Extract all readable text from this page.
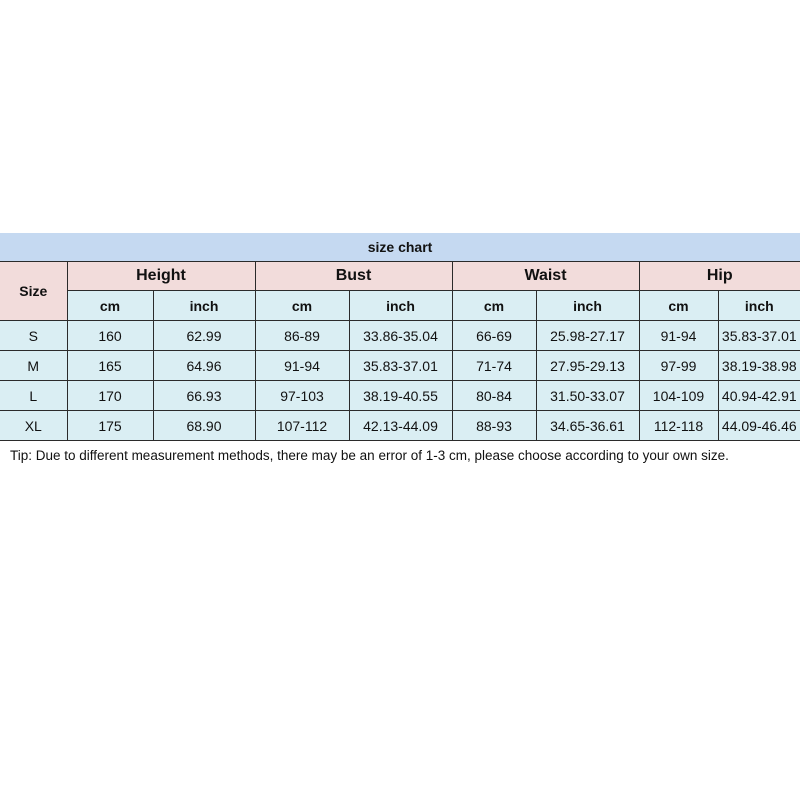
size chart								
Size	Height		Bust		Waist		Hip	
	cm	inch	cm	inch	cm	inch	cm	inch
S	160	62.99	86-89	33.86-35.04	66-69	25.98-27.17	91-94	35.83-37.01
M	165	64.96	91-94	35.83-37.01	71-74	27.95-29.13	97-99	38.19-38.98
L	170	66.93	97-103	38.19-40.55	80-84	31.50-33.07	104-109	40.94-42.91
XL	175	68.90	107-112	42.13-44.09	88-93	34.65-36.61	112-118	44.09-46.46
Tip: Due to different measurement methods, there may be an error of 1-3 cm, please choose according to your own size.
